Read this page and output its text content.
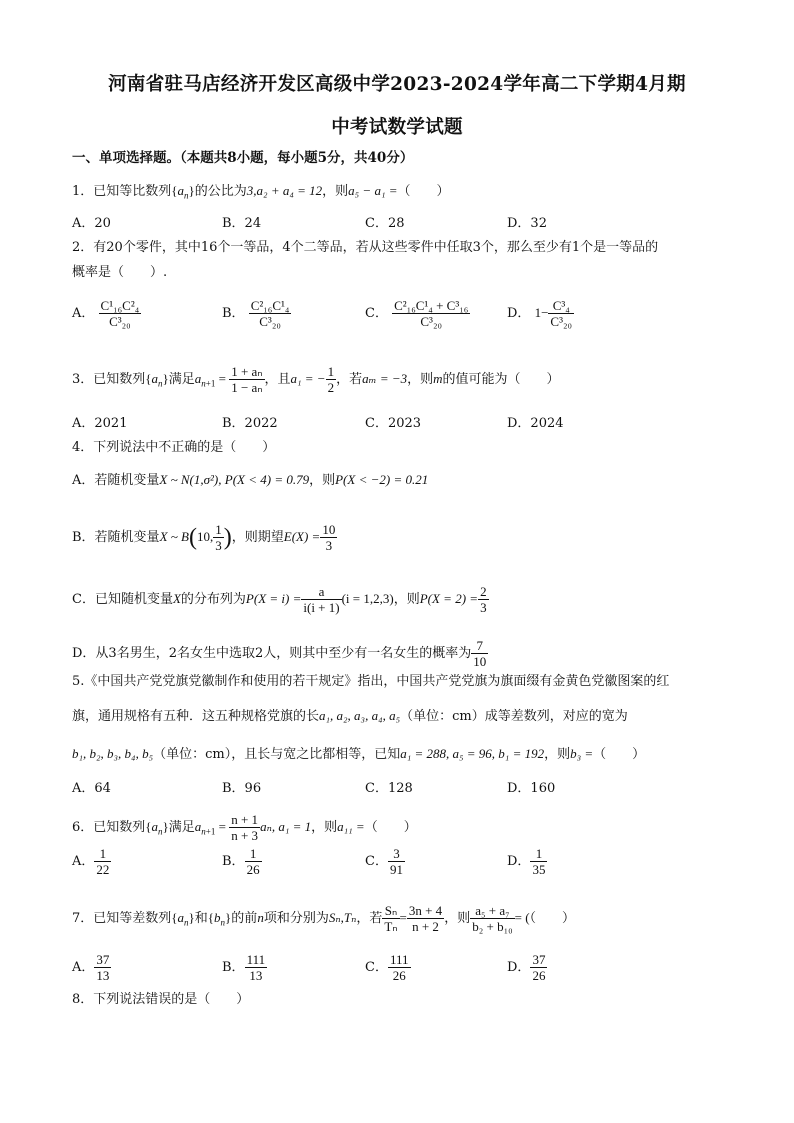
河南省驻马店经济开发区高级中学2023-2024学年高二下学期4月期
中考试数学试题
一、单项选择题。（本题共8小题，每小题5分，共40分）
1．已知等比数列$\{a_n\}$的公比为3,a₂ + a₄ = 12，则a₅ − a₁ =（　　）
A．20	B．24	C．28	D．32
2．有20个零件，其中16个一等品，4个二等品，若从这些零件中任取3个，那么至少有1个是一等品的
概率是（　　）.
A． $\frac{\text{C¹₁₆C²₄}}{\text{C³₂₀}}$	B． $\frac{\text{C²₁₆C¹₄}}{\text{C³₂₀}}$	C． $\frac{\text{C²₁₆C¹₄ + C³₁₆}}{\text{C³₂₀}}$	D． $1- \frac{\text{C³₄}}{\text{C³₂₀}}$
3．已知数列$\{a_n\}$满足$a_{n+1} = \frac{\text{1 + aₙ}}{\text{1 − aₙ}}$ ，且a₁ = − $\frac{1}{2}$ ，若aₘ = −3，则m的值可能为（　　）
A．2021	B．2022	C．2023	D．2024
4．下列说法中不正确的是（　　）
A．若随机变量X ~ N(1,σ²), P(X < 4) = 0.79，则P(X < −2) = 0.21
B．若随机变量X ~ B(10, $\frac{1}{3}$ )，则期望$E(X) = \frac{10}{3}$
C．已知随机变量X的分布列为$P(X = i) = \frac{a}{i(i + 1)} (i = 1,2,3)$，则$P(X = 2) = \frac{2}{3}$
D．从3名男生，2名女生中选取2人，则其中至少有一名女生的概率为 $\frac{7}{10}$
5.《中国共产党党旗党徽制作和使用的若干规定》指出，中国共产党党旗为旗面缀有金黄色党徽图案的红
旗，通用规格有五种．这五种规格党旗的长a₁, a₂, a₃, a₄, a₅（单位：cm）成等差数列，对应的宽为
b₁, b₂, b₃, b₄, b₅（单位：cm），且长与宽之比都相等，已知a₁ = 288, a₅ = 96, b₁ = 192，则b₃ =（　　）
A．64	B．96	C．128	D．160
6．已知数列$\{a_n\}$满足$a_{n+1} = \frac{n + 1}{n + 3} a_n$, a₁ = 1，则a₁₁ =（　　）
A． $\frac{1}{22}$	B． $\frac{1}{26}$	C． $\frac{3}{91}$	D． $\frac{1}{35}$
7．已知等差数列$\{a_n\}$和$\{b_n\}$的前n项和分别为Sₙ,Tₙ，若 $\frac{\text{Sₙ}}{\text{Tₙ}} = \frac{3n + 4}{n + 2}$ ，则 $\frac{\text{a₅ + a₇}}{\text{b₂ + b₁₀}}$ = (（　　）
A． $\frac{37}{13}$	B． $\frac{111}{13}$	C． $\frac{111}{26}$	D． $\frac{37}{26}$
8．下列说法错误的是（　　）
